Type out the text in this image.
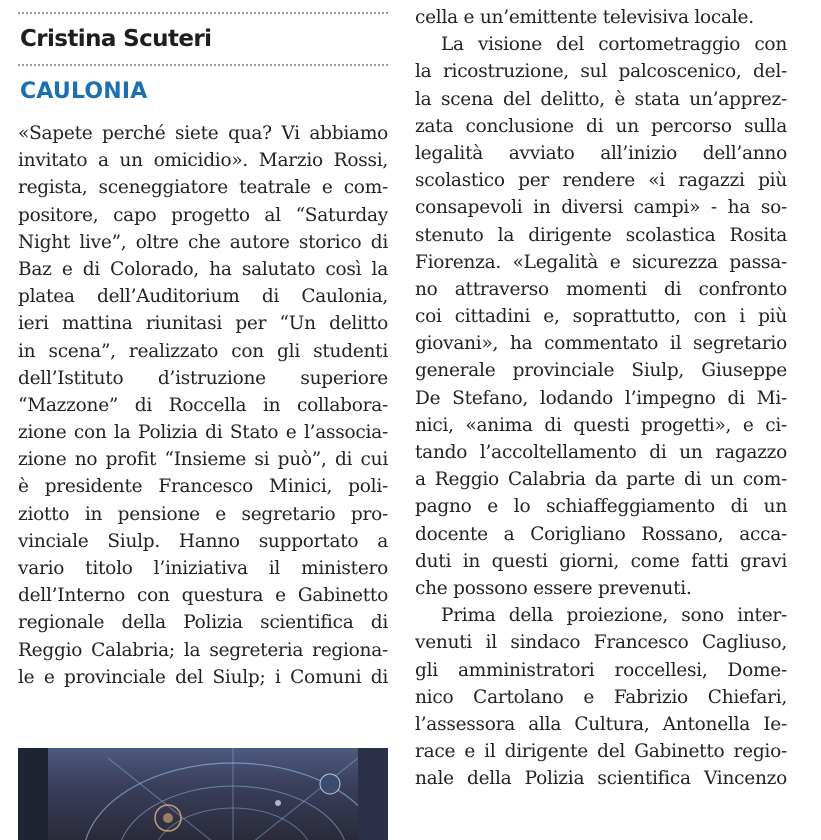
Cristina Scuteri
CAULONIA
«Sapete perché siete qua? Vi abbiamo
invitato a un omicidio». Marzio Rossi,
regista, sceneggiatore teatrale e com-
positore, capo progetto al “Saturday
Night live”, oltre che autore storico di
Baz e di Colorado, ha salutato così la
platea dell’Auditorium di Caulonia,
ieri mattina riunitasi per “Un delitto
in scena”, realizzato con gli studenti
dell’Istituto d’istruzione superiore
“Mazzone” di Roccella in collabora-
zione con la Polizia di Stato e l’associa-
zione no profit “Insieme si può”, di cui
è presidente Francesco Minici, poli-
ziotto in pensione e segretario pro-
vinciale Siulp. Hanno supportato a
vario titolo l’iniziativa il ministero
dell’Interno con questura e Gabinetto
regionale della Polizia scientifica di
Reggio Calabria; la segreteria regiona-
le e provinciale del Siulp; i Comuni di
cella e un’emittente televisiva locale.
La visione del cortometraggio con
la ricostruzione, sul palcoscenico, del-
la scena del delitto, è stata un’apprez-
zata conclusione di un percorso sulla
legalità avviato all’inizio dell’anno
scolastico per rendere «i ragazzi più
consapevoli in diversi campi» - ha so-
stenuto la dirigente scolastica Rosita
Fiorenza. «Legalità e sicurezza passa-
no attraverso momenti di confronto
coi cittadini e, soprattutto, con i più
giovani», ha commentato il segretario
generale provinciale Siulp, Giuseppe
De Stefano, lodando l’impegno di Mi-
nici, «anima di questi progetti», e ci-
tando l’accoltellamento di un ragazzo
a Reggio Calabria da parte di un com-
pagno e lo schiaffeggiamento di un
docente a Corigliano Rossano, acca-
duti in questi giorni, come fatti gravi
che possono essere prevenuti.
Prima della proiezione, sono inter-
venuti il sindaco Francesco Cagliuso,
gli amministratori roccellesi, Dome-
nico Cartolano e Fabrizio Chiefari,
l’assessora alla Cultura, Antonella Ie-
race e il dirigente del Gabinetto regio-
nale della Polizia scientifica Vincenzo
